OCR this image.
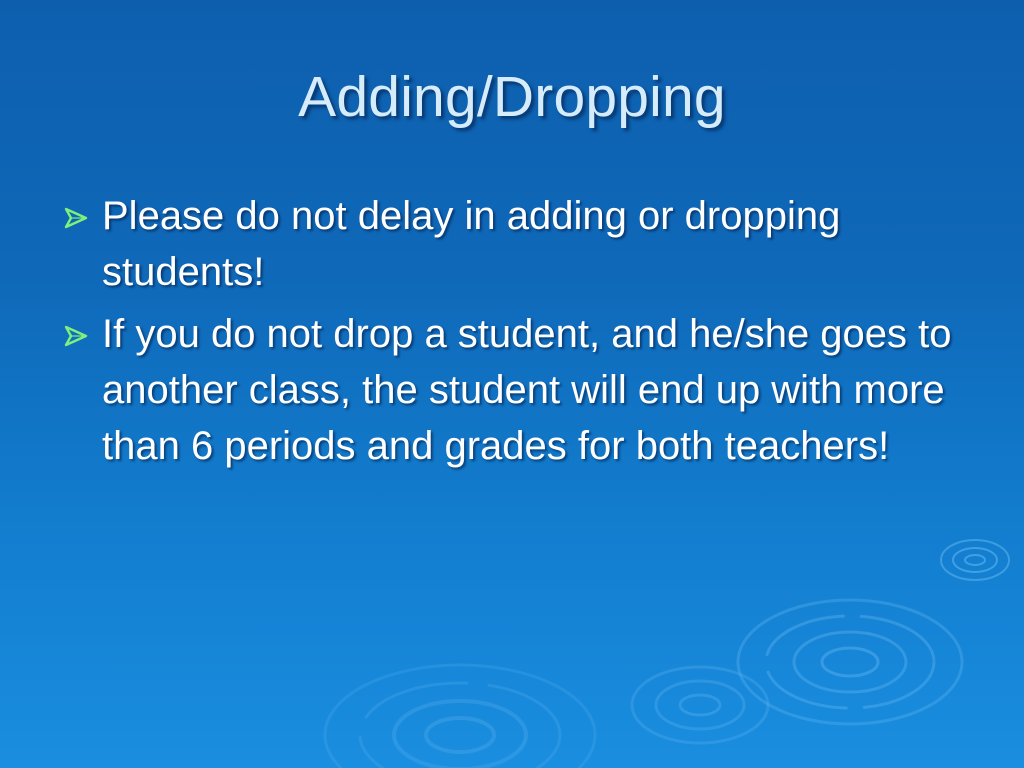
Adding/Dropping
Please do not delay in adding or dropping students!
If you do not drop a student, and he/she goes to another class, the student will end up with more than 6 periods and grades for both teachers!
